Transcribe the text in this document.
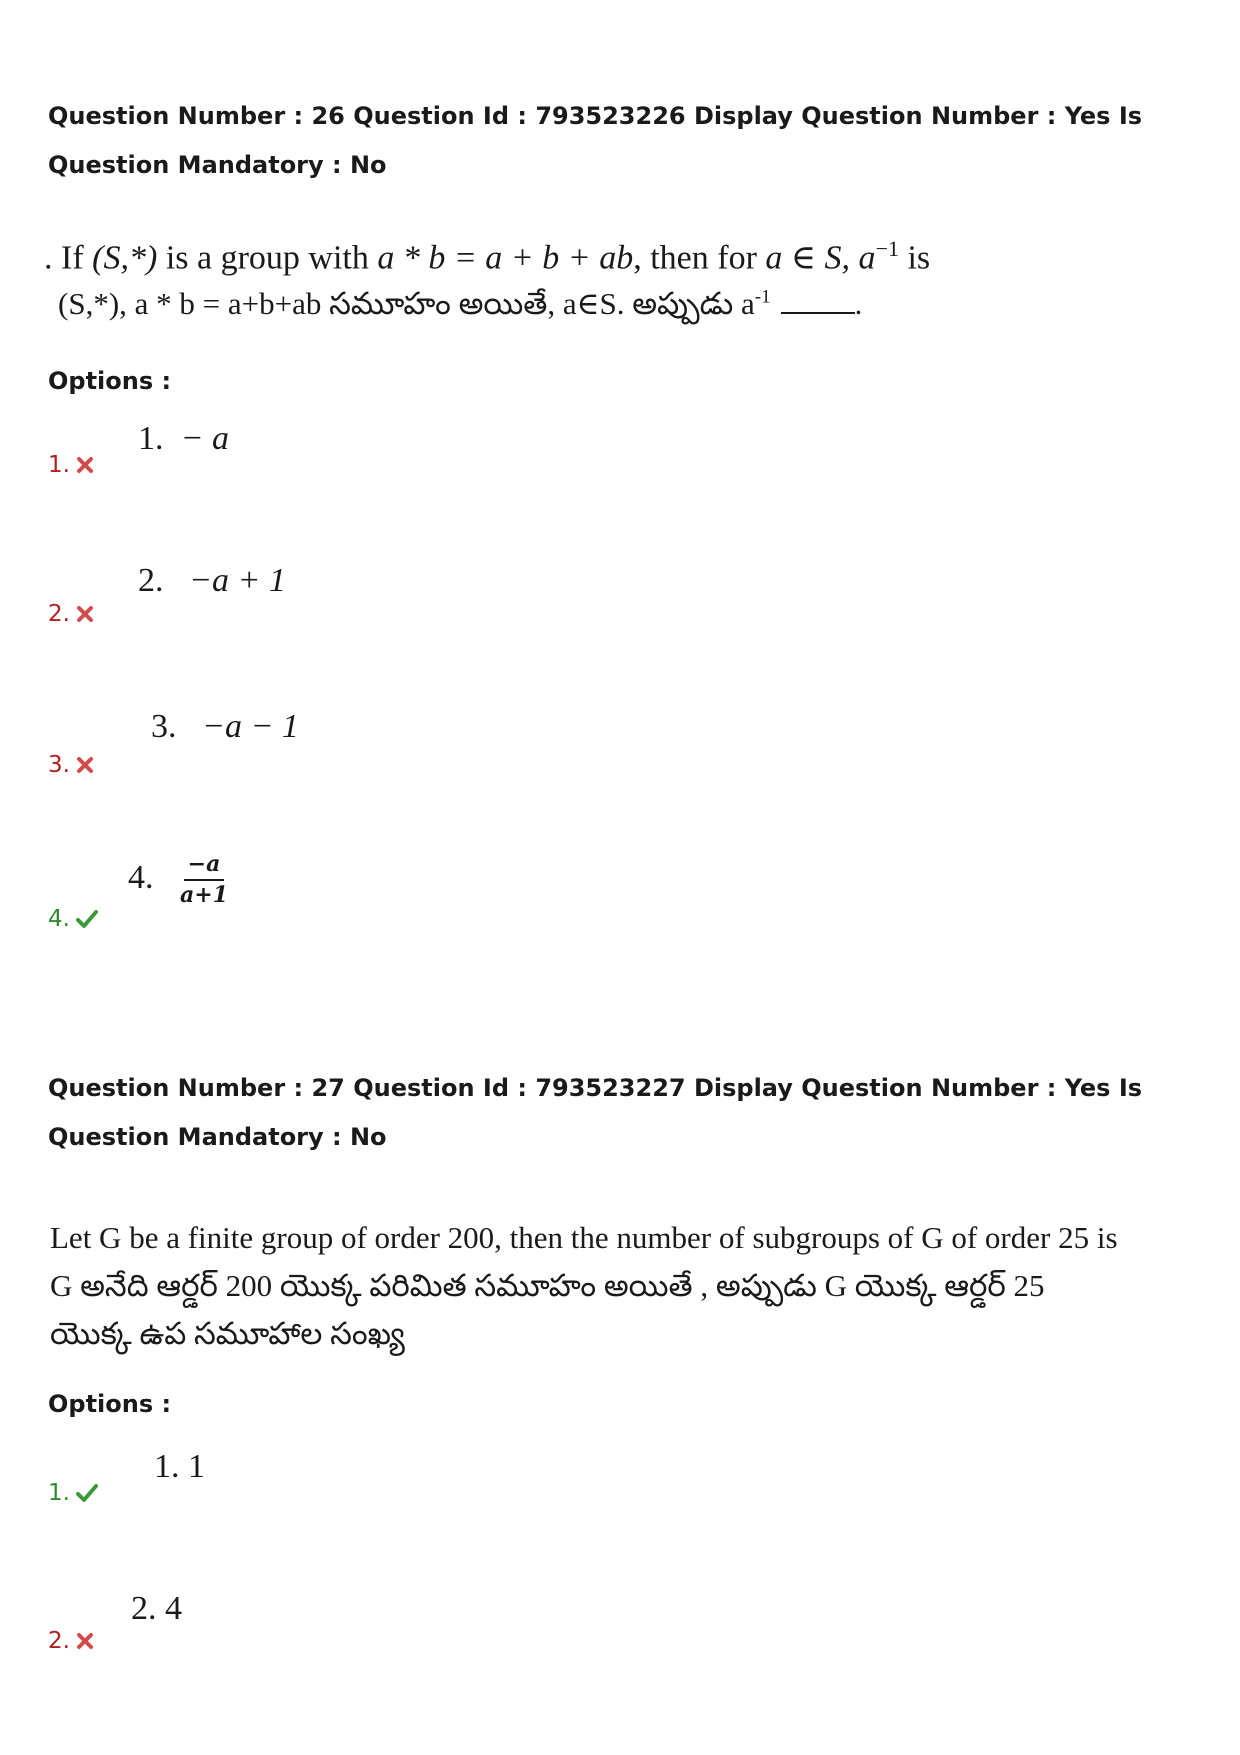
Question Number : 26 Question Id : 793523226 Display Question Number : Yes Is Question Mandatory : No
. If (S,*) is a group with a * b = a + b + ab, then for a ∈ S, $a^{-1}$ is
(S,*), a * b = a+b+ab సమూహం అయితే, a∈S. అప్పుడు $a^{-1}$	.
Options :
1.
1. − a
2.
2. −a + 1
3.
3. −a − 1
4.
4. $\frac{-a}{a+1}$
Question Number : 27 Question Id : 793523227 Display Question Number : Yes Is Question Mandatory : No
Let G be a finite group of order 200, then the number of subgroups of G of order 25 is
G అనేది ఆర్డర్ 200 యొక్క పరిమిత సమూహం అయితే , అప్పుడు G యొక్క ఆర్డర్ 25
యొక్క ఉప సమూహాల సంఖ్య
Options :
1.
1. 1
2.
2. 4
